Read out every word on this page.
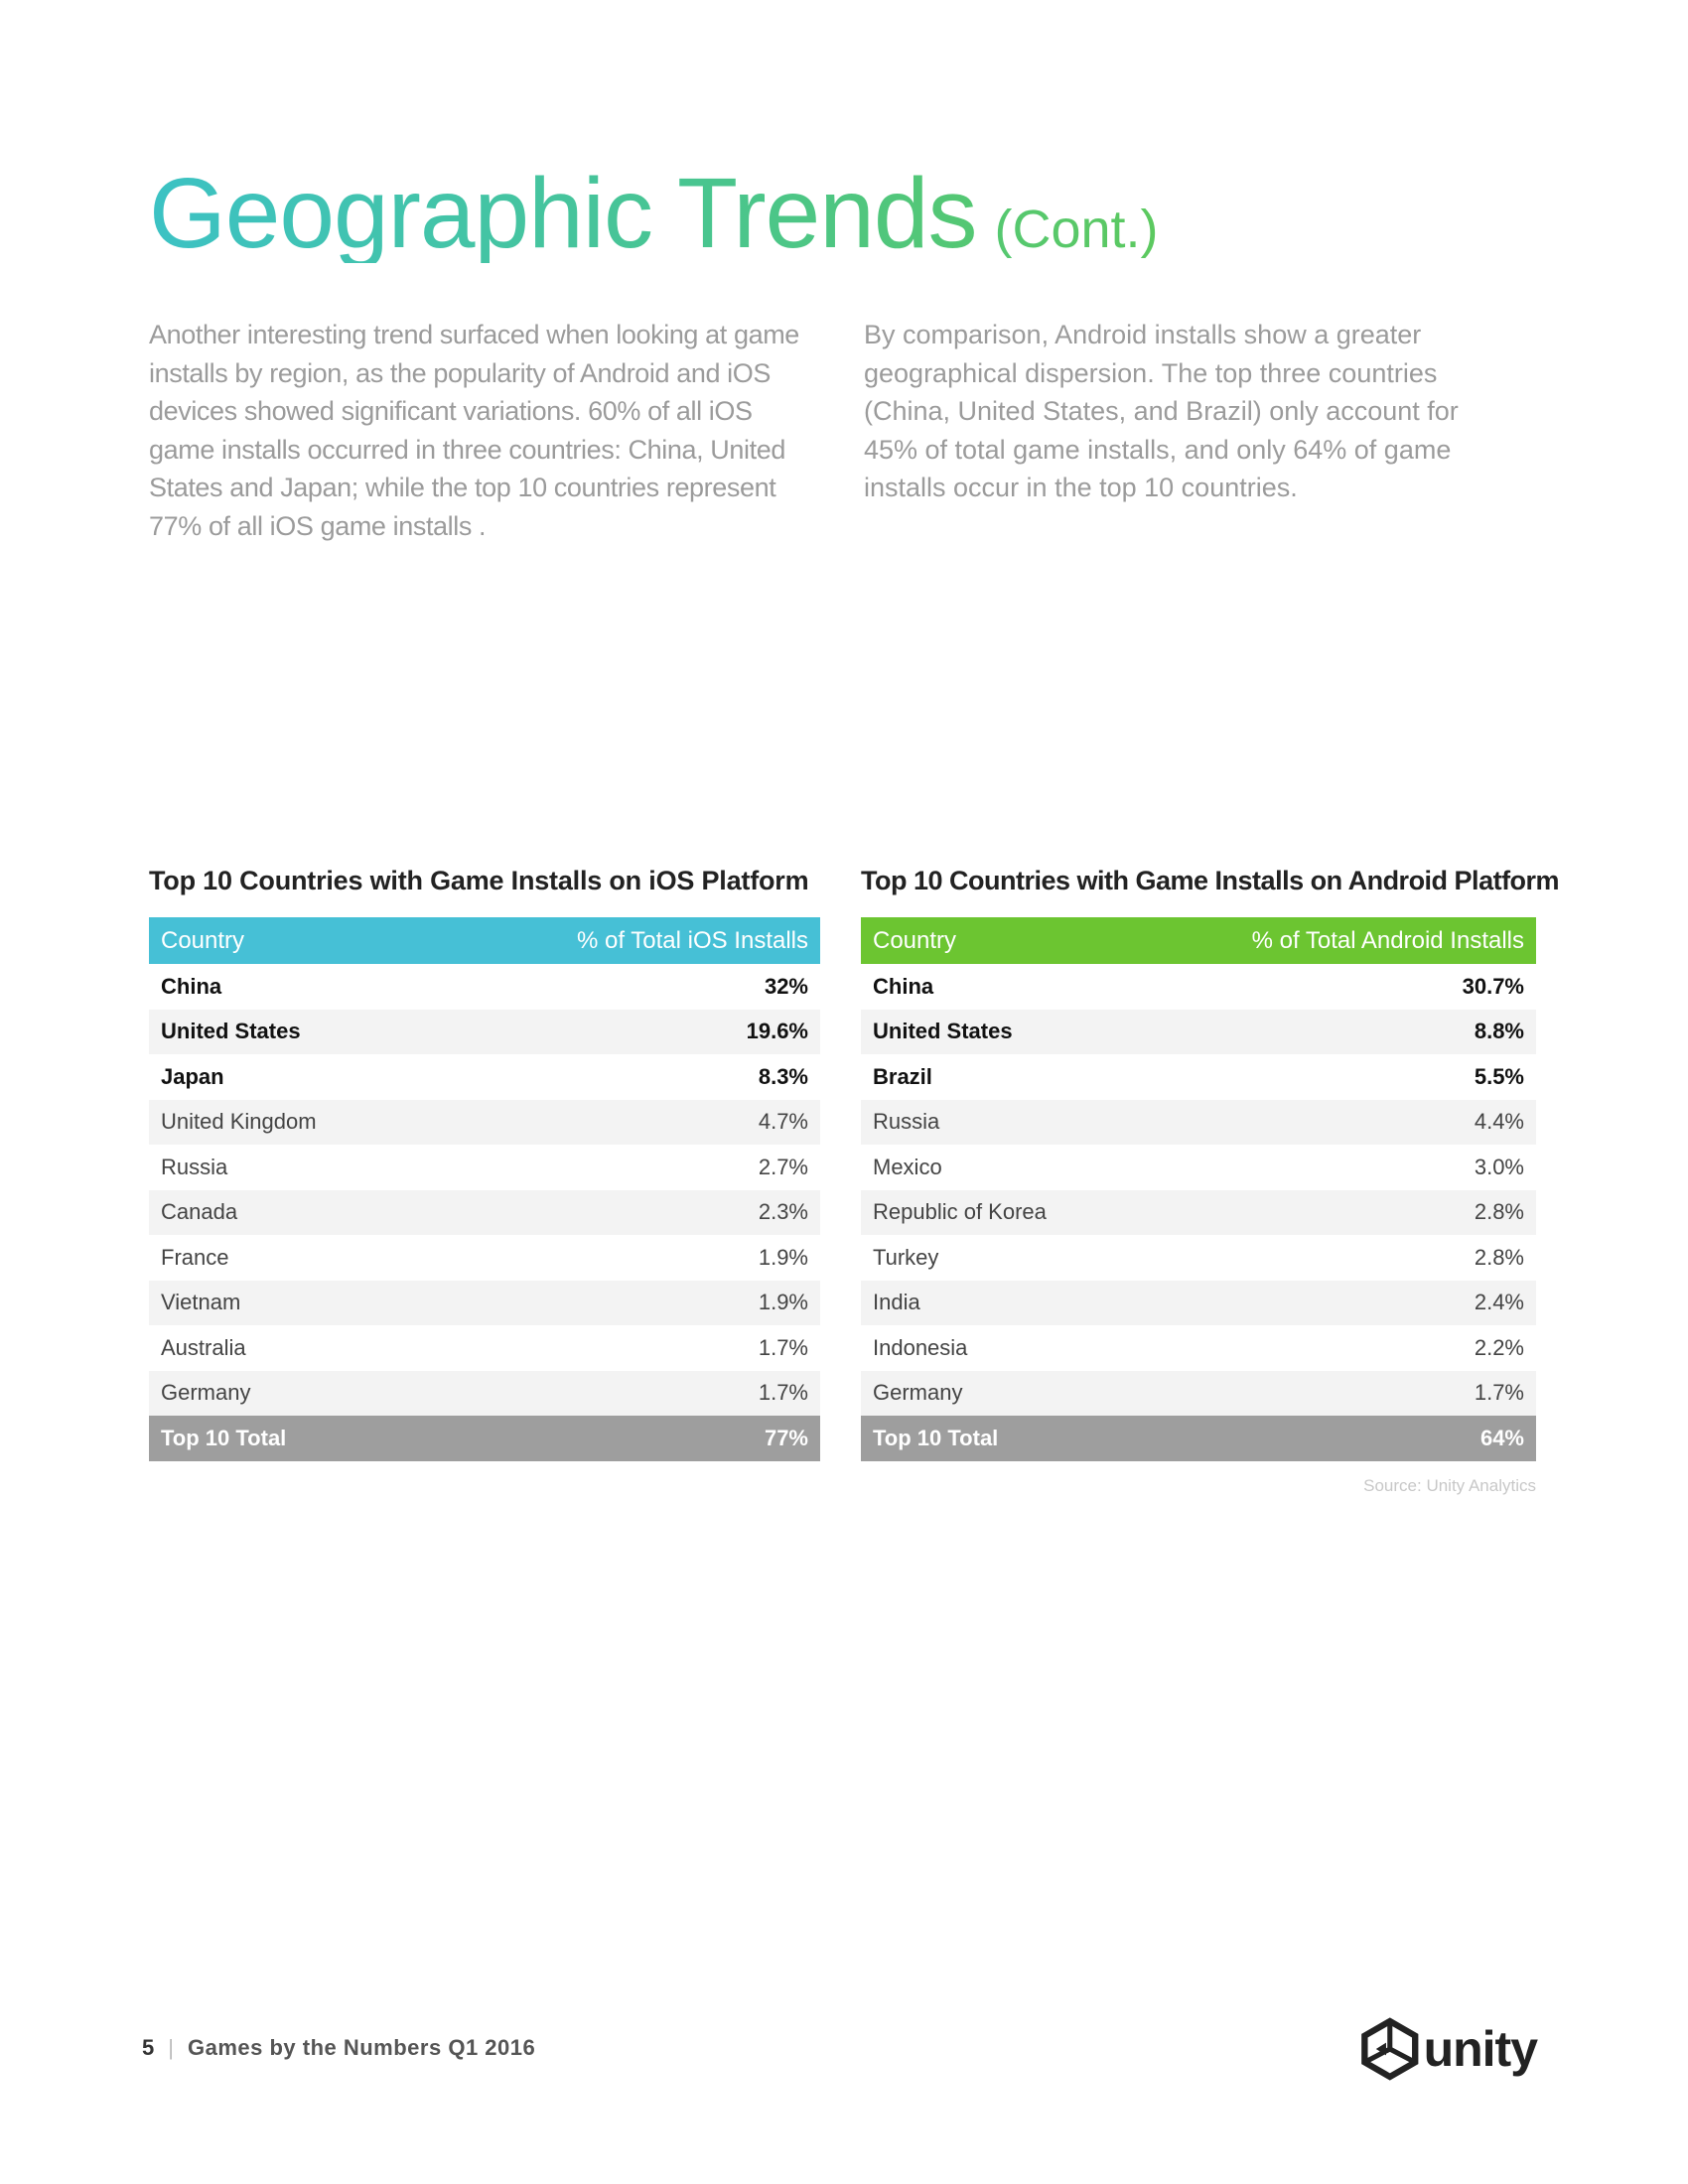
Geographic Trends (Cont.)

Another interesting trend surfaced when looking at game installs by region, as the popularity of Android and iOS devices showed significant variations. 60% of all iOS game installs occurred in three countries: China, United States and Japan; while the top 10 countries represent 77% of all iOS game installs .

By comparison, Android installs show a greater geographical dispersion. The top three countries (China, United States, and Brazil) only account for 45% of total game installs, and only 64% of game installs occur in the top 10 countries.

Top 10 Countries with Game Installs on iOS Platform
Country	% of Total iOS Installs
China	32%
United States	19.6%
Japan	8.3%
United Kingdom	4.7%
Russia	2.7%
Canada	2.3%
France	1.9%
Vietnam	1.9%
Australia	1.7%
Germany	1.7%
Top 10 Total	77%
Top 10 Countries with Game Installs on Android Platform
Country	% of Total Android Installs
China	30.7%
United States	8.8%
Brazil	5.5%
Russia	4.4%
Mexico	3.0%
Republic of Korea	2.8%
Turkey	2.8%
India	2.4%
Indonesia	2.2%
Germany	1.7%
Top 10 Total	64%
Source: Unity Analytics
5 | Games by the Numbers Q1 2016	unity
